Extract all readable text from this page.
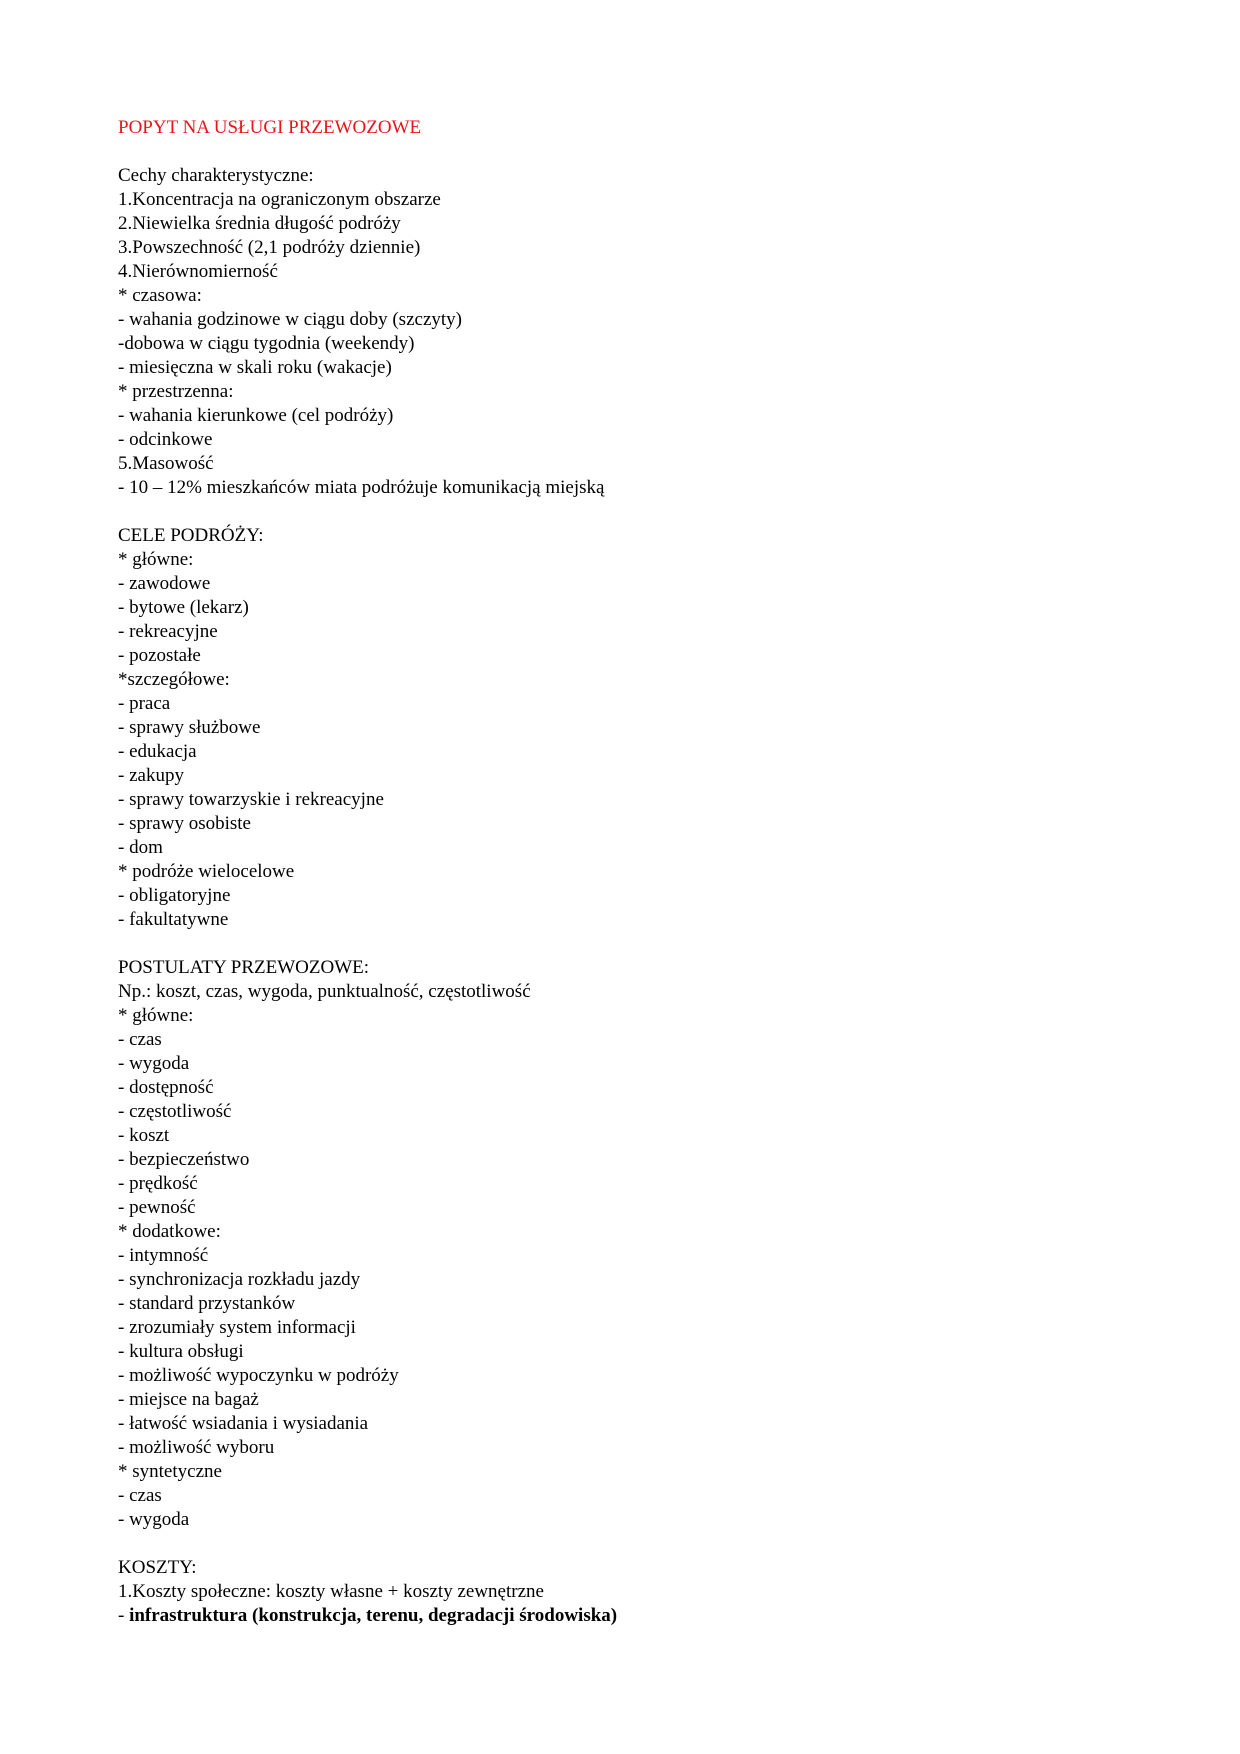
POPYT NA USŁUGI PRZEWOZOWE
Cechy charakterystyczne:
1.Koncentracja na ograniczonym obszarze
2.Niewielka średnia długość podróży
3.Powszechność (2,1 podróży dziennie)
4.Nierównomierność
* czasowa:
- wahania godzinowe w ciągu doby (szczyty)
-dobowa w ciągu tygodnia (weekendy)
- miesięczna w skali roku (wakacje)
* przestrzenna:
- wahania kierunkowe (cel podróży)
- odcinkowe
5.Masowość
- 10 – 12% mieszkańców miata podróżuje komunikacją miejską
CELE PODRÓŻY:
* główne:
- zawodowe
- bytowe (lekarz)
- rekreacyjne
- pozostałe
*szczegółowe:
- praca
- sprawy służbowe
- edukacja
- zakupy
- sprawy towarzyskie i rekreacyjne
- sprawy osobiste
- dom
* podróże wielocelowe
- obligatoryjne
- fakultatywne
POSTULATY PRZEWOZOWE:
Np.: koszt, czas, wygoda, punktualność, częstotliwość
* główne:
- czas
- wygoda
- dostępność
- częstotliwość
- koszt
- bezpieczeństwo
- prędkość
- pewność
* dodatkowe:
- intymność
- synchronizacja rozkładu jazdy
- standard przystanków
- zrozumiały system informacji
- kultura obsługi
- możliwość wypoczynku w podróży
- miejsce na bagaż
- łatwość wsiadania i wysiadania
- możliwość wyboru
* syntetyczne
- czas
- wygoda
KOSZTY:
1.Koszty społeczne: koszty własne + koszty zewnętrzne
- infrastruktura (konstrukcja, terenu, degradacji środowiska)
